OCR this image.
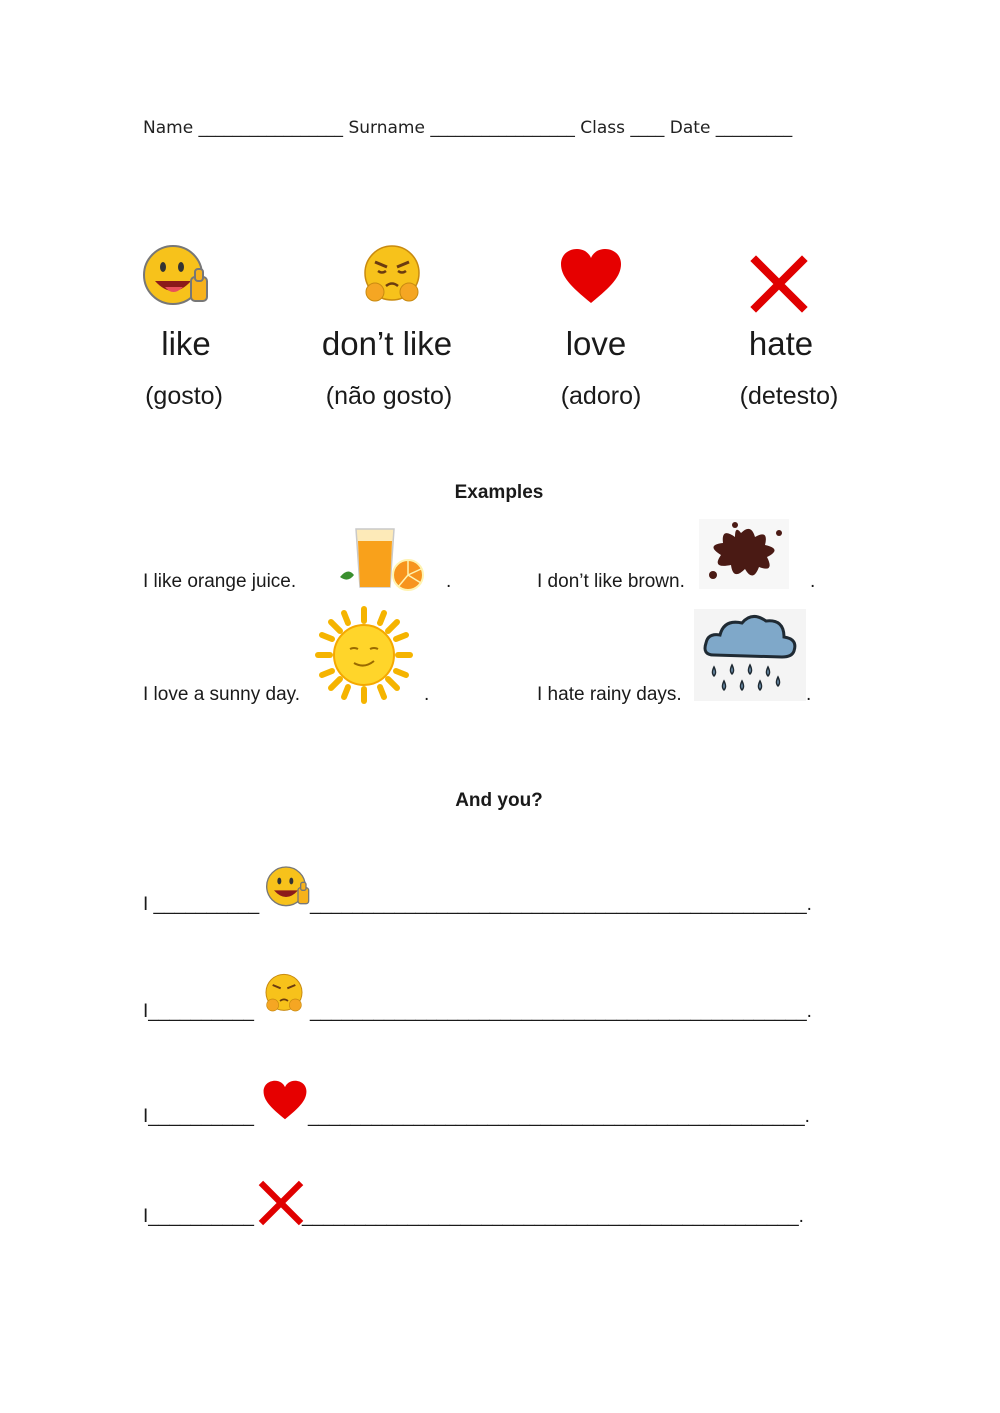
Name _________________ Surname _________________ Class ____ Date _________
like	don’t like	love	hate
(gosto)	(não gosto)	(adoro)	(detesto)
Examples
I like orange juice.	.	I don’t like brown.	.
I love a sunny day.	.	I hate rainy days.	.
And you?
I __________	_______________________________________________.
I__________	_______________________________________________.
I__________	_______________________________________________.
I__________	_______________________________________________.
